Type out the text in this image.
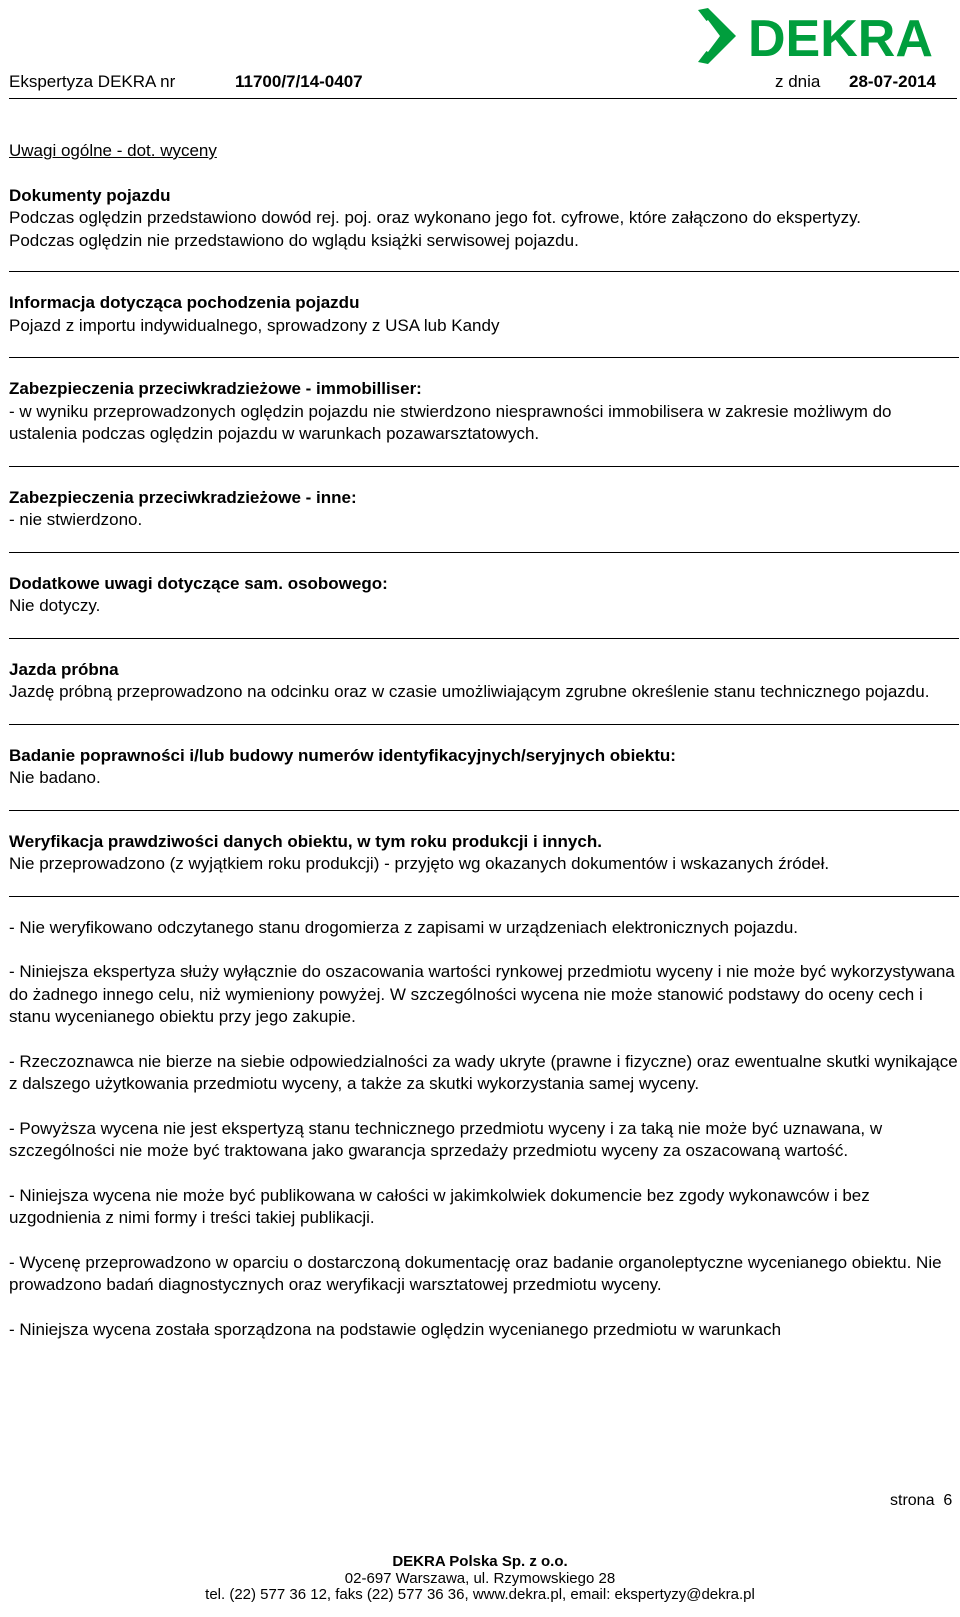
DEKRA
Ekspertyza DEKRA nr	11700/7/14-0407	z dnia 28-07-2014
Uwagi ogólne - dot. wyceny
Dokumenty pojazdu
Podczas oględzin przedstawiono dowód rej. poj. oraz wykonano jego fot. cyfrowe, które załączono do ekspertyzy.
Podczas oględzin nie przedstawiono do wglądu książki serwisowej pojazdu.
Informacja dotycząca pochodzenia pojazdu
Pojazd z importu indywidualnego, sprowadzony z USA lub Kandy
Zabezpieczenia przeciwkradzieżowe - immobilliser:
- w wyniku przeprowadzonych oględzin pojazdu nie stwierdzono niesprawności immobilisera w zakresie możliwym do ustalenia podczas oględzin pojazdu w warunkach pozawarsztatowych.
Zabezpieczenia przeciwkradzieżowe - inne:
- nie stwierdzono.
Dodatkowe uwagi dotyczące sam. osobowego:
Nie dotyczy.
Jazda próbna
Jazdę próbną przeprowadzono na odcinku oraz w czasie umożliwiającym zgrubne określenie stanu technicznego pojazdu.
Badanie poprawności i/lub budowy numerów identyfikacyjnych/seryjnych obiektu:
Nie badano.
Weryfikacja prawdziwości danych obiektu, w tym roku produkcji i innych.
Nie przeprowadzono (z wyjątkiem roku produkcji) - przyjęto wg okazanych dokumentów i wskazanych źródeł.

- Nie weryfikowano odczytanego stanu drogomierza z zapisami w urządzeniach elektronicznych pojazdu.

- Niniejsza ekspertyza służy wyłącznie do oszacowania wartości rynkowej przedmiotu wyceny i nie może być wykorzystywana do żadnego innego celu, niż wymieniony powyżej. W szczególności wycena nie może stanowić podstawy do oceny cech i stanu wycenianego obiektu przy jego zakupie.

- Rzeczoznawca nie bierze na siebie odpowiedzialności za wady ukryte (prawne i fizyczne) oraz ewentualne skutki wynikające z dalszego użytkowania przedmiotu wyceny, a także za skutki wykorzystania samej wyceny.

- Powyższa wycena nie jest ekspertyzą stanu technicznego przedmiotu wyceny i za taką nie może być uznawana, w szczególności nie może być traktowana jako gwarancja sprzedaży przedmiotu wyceny za oszacowaną wartość.

- Niniejsza wycena nie może być publikowana w całości w jakimkolwiek dokumencie bez zgody wykonawców i bez uzgodnienia z nimi formy i treści takiej publikacji.

- Wycenę przeprowadzono w oparciu o dostarczoną dokumentację oraz badanie organoleptyczne wycenianego obiektu. Nie prowadzono badań diagnostycznych oraz weryfikacji warsztatowej przedmiotu wyceny.

- Niniejsza wycena została sporządzona na podstawie oględzin wycenianego przedmiotu w warunkach

strona 6
DEKRA Polska Sp. z o.o.
02-697 Warszawa, ul. Rzymowskiego 28
tel. (22) 577 36 12, faks (22) 577 36 36, www.dekra.pl, email: ekspertyzy@dekra.pl
